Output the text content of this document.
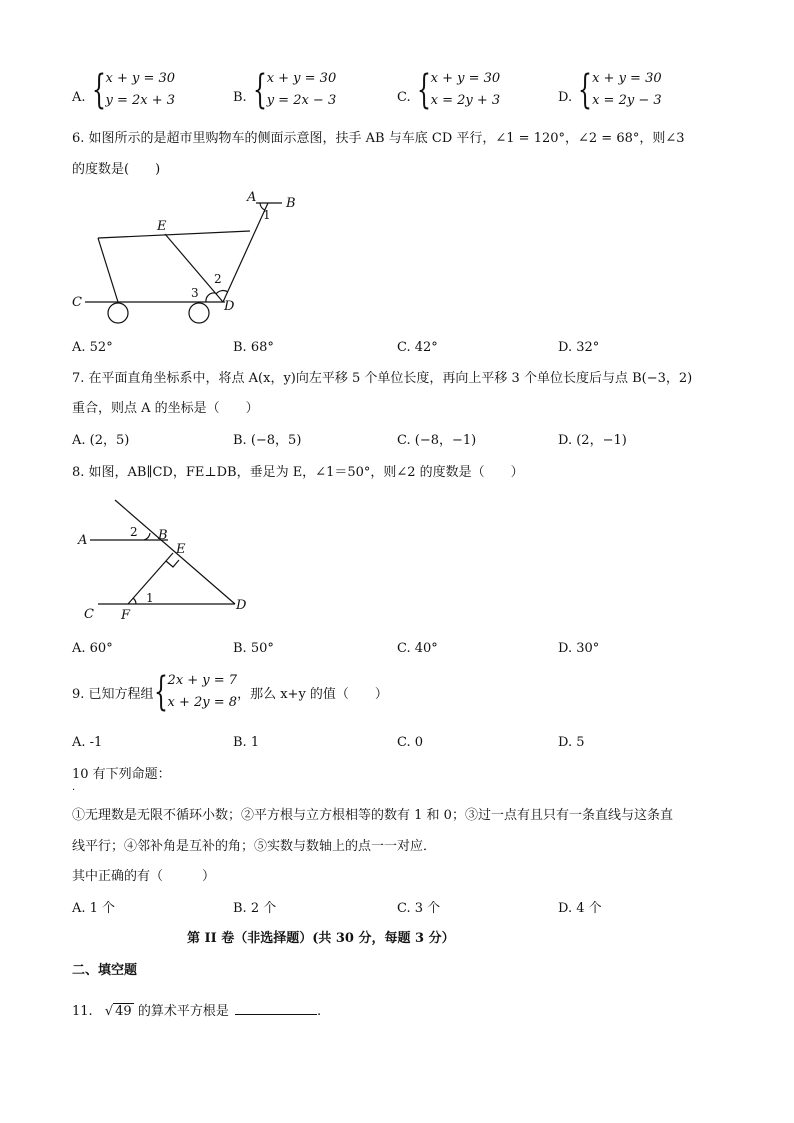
A. { x + y = 30
y = 2x + 3	B. { x + y = 30
y = 2x − 3	C. { x + y = 30
x = 2y + 3	D. { x + y = 30
x = 2y − 3
6. 如图所示的是超市里购物车的侧面示意图，扶手 AB 与车底 CD 平行，∠1 = 120°，∠2 = 68°，则∠3
的度数是(　　)
A B
E
C	D
1
2
3
A. 52°	B. 68°	C. 42°	D. 32°
7. 在平面直角坐标系中，将点 A(x，y)向左平移 5 个单位长度，再向上平移 3 个单位长度后与点 B(−3，2)
重合，则点 A 的坐标是（　　）
A. (2，5)	B. (−8，5)	C. (−8，−1)	D. (2，−1)
8. 如图，AB∥CD，FE⊥DB，垂足为 E，∠1＝50°，则∠2 的度数是（　　）
A	B
E
C F
D
2
1
A. 60°	B. 50°	C. 40°	D. 30°
9. 已知方程组 { 2x + y = 7
x + 2y = 8
，那么 x+y 的值（　　）
A. -1	B. 1	C. 0	D. 5
10 有下列命题：
·
①无理数是无限不循环小数；②平方根与立方根相等的数有 1 和 0；③过一点有且只有一条直线与这条直
线平行；④邻补角是互补的角；⑤实数与数轴上的点一一对应．
其中正确的有（　　　）
A. 1 个	B. 2 个	C. 3 个	D. 4 个
第 II 卷（非选择题）(共 30 分，每题 3 分）
二、填空题
11. √ 49 的算术平方根是	.
